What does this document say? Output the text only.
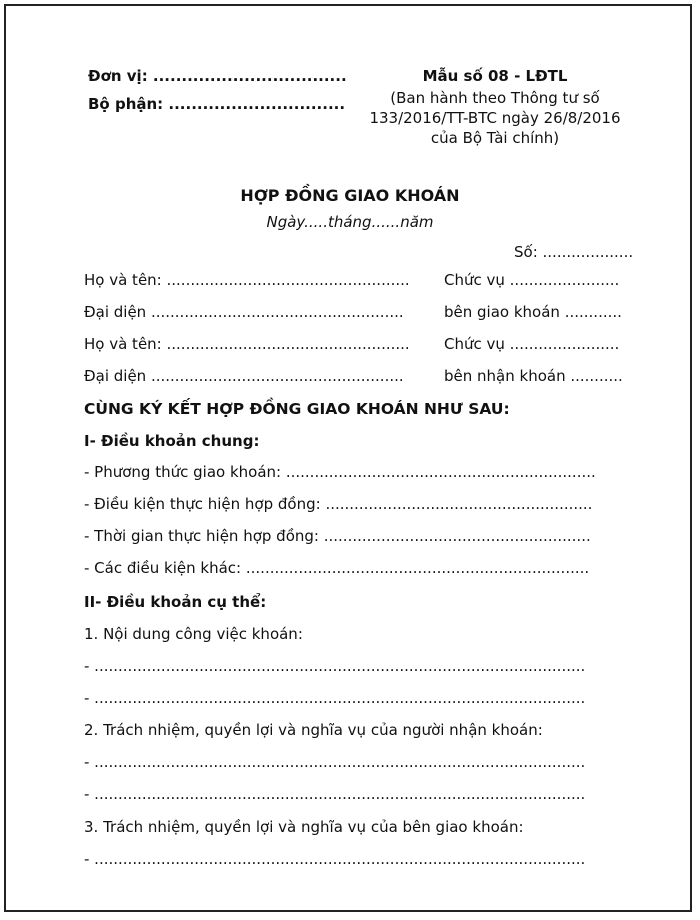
Đơn vị: ..................................
Bộ phận: ...............................
Mẫu số 08 - LĐTL
(Ban hành theo Thông tư số
133/2016/TT-BTC ngày 26/8/2016
của Bộ Tài chính)
HỢP ĐỒNG GIAO KHOÁN
Ngày.....tháng......năm
Số: ...................
Họ và tên: ................................................... Chức vụ .......................
Đại diện .....................................................	bên giao khoán ............
Họ và tên: ................................................... Chức vụ .......................
Đại diện .....................................................	bên nhận khoán ...........
CÙNG KÝ KẾT HỢP ĐỒNG GIAO KHOÁN NHƯ SAU:
I- Điều khoản chung:
- Phương thức giao khoán: .................................................................
- Điều kiện thực hiện hợp đồng: ........................................................
- Thời gian thực hiện hợp đồng: ........................................................
- Các điều kiện khác: ........................................................................
II- Điều khoản cụ thể:
1. Nội dung công việc khoán:
- .......................................................................................................
- .......................................................................................................
2. Trách nhiệm, quyền lợi và nghĩa vụ của người nhận khoán:
- .......................................................................................................
- .......................................................................................................
3. Trách nhiệm, quyền lợi và nghĩa vụ của bên giao khoán:
- .......................................................................................................
